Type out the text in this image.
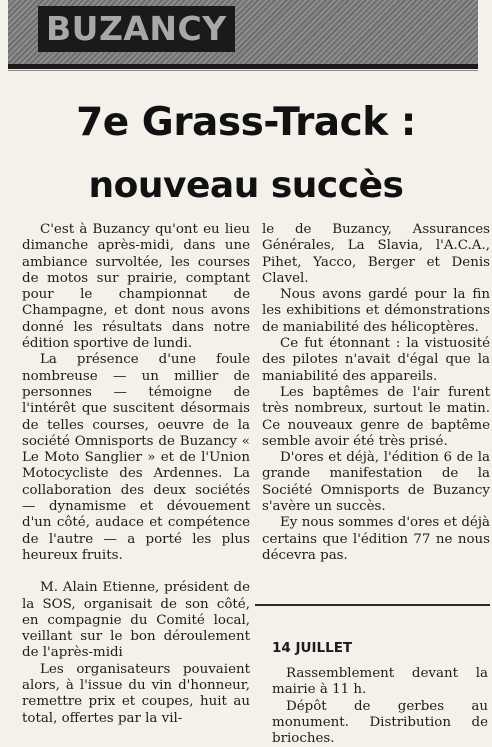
BUZANCY
7e Grass-Track :
nouveau succès

C'est à Buzancy qu'ont eu lieu dimanche après-midi, dans une ambiance survoltée, les courses de motos sur prairie, comptant pour le championnat de Champagne, et dont nous avons donné les résultats dans notre édition sportive de lundi.

La présence d'une foule nombreuse — un millier de personnes — témoigne de l'intérêt que suscitent désormais de telles courses, oeuvre de la société Omnisports de Buzancy « Le Moto Sanglier » et de l'Union Motocycliste des Ardennes. La collaboration des deux sociétés — dynamisme et dévouement d'un côté, audace et compétence de l'autre — a porté les plus heureux fruits.

M. Alain Etienne, président de la SOS, organisait de son côté, en compagnie du Comité local, veillant sur le bon déroulement de l'après-midi

Les organisateurs pouvaient alors, à l'issue du vin d'honneur, remettre prix et coupes, huit au total, offertes par la vil-

le de Buzancy, Assurances Générales, La Slavia, l'A.C.A., Pihet, Yacco, Berger et Denis Clavel.

Nous avons gardé pour la fin les exhibitions et démonstrations de maniabilité des hélicoptères.

Ce fut étonnant : la vistuosité des pilotes n'avait d'égal que la maniabilité des appareils.

Les baptêmes de l'air furent très nombreux, surtout le matin. Ce nouveaux genre de baptême semble avoir été très prisé.

D'ores et déjà, l'édition 6 de la grande manifestation de la Société Omnisports de Buzancy s'avère un succès.

Ey nous sommes d'ores et déjà certains que l'édition 77 ne nous décevra pas.

14 JUILLET

Rassemblement devant la mairie à 11 h.

Dépôt de gerbes au monument. Distribution de brioches.
